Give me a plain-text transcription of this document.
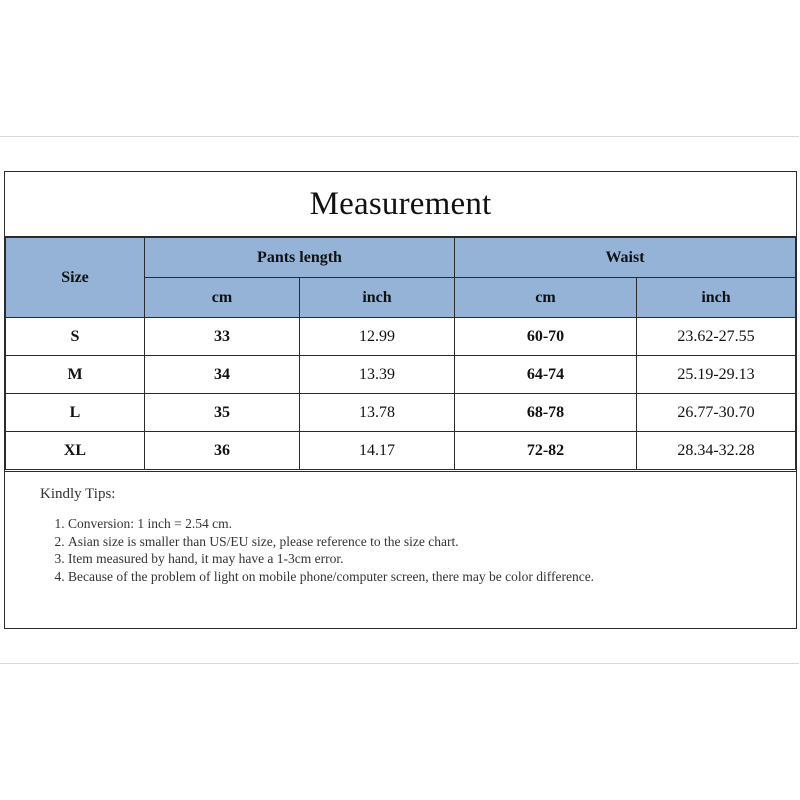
Measurement
Size	Pants length		Waist	
	cm	inch	cm	inch
S	33	12.99	60-70	23.62-27.55
M	34	13.39	64-74	25.19-29.13
L	35	13.78	68-78	26.77-30.70
XL	36	14.17	72-82	28.34-32.28
Kindly Tips:
1. Conversion: 1 inch = 2.54 cm.
2. Asian size is smaller than US/EU size, please reference to the size chart.
3. Item measured by hand, it may have a 1-3cm error.
4. Because of the problem of light on mobile phone/computer screen, there may be color difference.
